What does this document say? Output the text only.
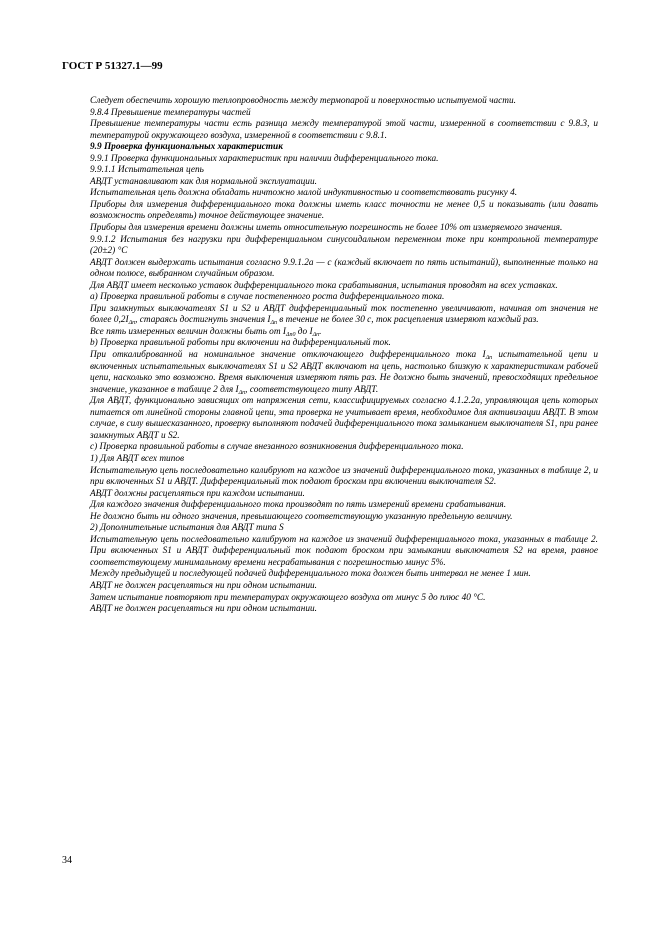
ГОСТ Р 51327.1—99

Следует обеспечить хорошую теплопроводность между термопарой и поверхностью испытуемой части.

9.8.4 Превышение температуры частей

Превышение температуры части есть разница между температурой этой части, измеренной в соответствии с 9.8.3, и температурой окружающего воздуха, измеренной в соответствии с 9.8.1.

9.9 Проверка функциональных характеристик

9.9.1 Проверка функциональных характеристик при наличии дифференциального тока.

9.9.1.1 Испытательная цепь

АВДТ устанавливают как для нормальной эксплуатации.

Испытательная цепь должна обладать ничтожно малой индуктивностью и соответствовать рисунку 4.

Приборы для измерения дифференциального тока должны иметь класс точности не менее 0,5 и показывать (или давать возможность определять) точное действующее значение.

Приборы для измерения времени должны иметь относительную погрешность не более 10% от измеряемого значения.

9.9.1.2 Испытания без нагрузки при дифференциальном синусоидальном переменном токе при контрольной температуре (20±2) °С

АВДТ должен выдержать испытания согласно 9.9.1.2а — с (каждый включает по пять испытаний), выполненные только на одном полюсе, выбранном случайным образом.

Для АВДТ имеет несколько уставок дифференциального тока срабатывания, испытания проводят на всех уставках.

а) Проверка правильной работы в случае постепенного роста дифференциального тока.

При замкнутых выключателях S1 и S2 и АВДТ дифференциальный ток постепенно увеличивают, начиная от значения не более $0,2I_{\Delta n}$, стараясь достигнуть значения $I_{\Delta n}$ в течение не более 30 с, ток расцепления измеряют каждый раз.

Все пять измеренных величин должны быть от $I_{\Delta n0}$ до $I_{\Delta n}$.

b) Проверка правильной работы при включении на дифференциальный ток.

При откалиброванной на номинальное значение отключающего дифференциального тока $I_{\Delta n}$ испытательной цепи и включенных испытательных выключателях S1 и S2 АВДТ включают на цепь, настолько близкую к характеристикам рабочей цепи, насколько это возможно. Время выключения измеряют пять раз. Не должно быть значений, превосходящих предельное значение, указанное в таблице 2 для $I_{\Delta n}$, соответствующего типу АВДТ.

Для АВДТ, функционально зависящих от напряжения сети, классифицируемых согласно 4.1.2.2а, управляющая цепь которых питается от линейной стороны главной цепи, эта проверка не учитывает время, необходимое для активизации АВДТ. В этом случае, в силу вышесказанного, проверку выполняют подачей дифференциального тока замыканием выключателя S1, при ранее замкнутых АВДТ и S2.

с) Проверка правильной работы в случае внезанного возникновения дифференциального тока.

1) Для АВДТ всех типов

Испытательную цепь последовательно калибруют на каждое из значений дифференциального тока, указанных в таблице 2, и при включенных S1 и АВДТ. Дифференциальный ток подают броском при включении выключателя S2.

АВДТ должны расцепляться при каждом испытании.

Для каждого значения дифференциального тока производят по пять измерений времени срабатывания.

Не должно быть ни одного значения, превышающего соответствующую указанную предельную величину.

2) Дополнительные испытания для АВДТ типа S

Испытательную цепь последовательно калибруют на каждое из значений дифференциального тока, указанных в таблице 2. При включенных S1 и АВДТ дифференциальный ток подают броском при замыкании выключателя S2 на время, равное соответствующему минимальному времени несрабатывания с погрешностью минус 5%.

Между предыдущей и последующей подачей дифференциального тока должен быть интервал не менее 1 мин.

АВДТ не должен расцепляться ни при одном испытании.

Затем испытание повторяют при температурах окружающего воздуха от минус 5 до плюс 40 °С.

АВДТ не должен расцепляться ни при одном испытании.

34
